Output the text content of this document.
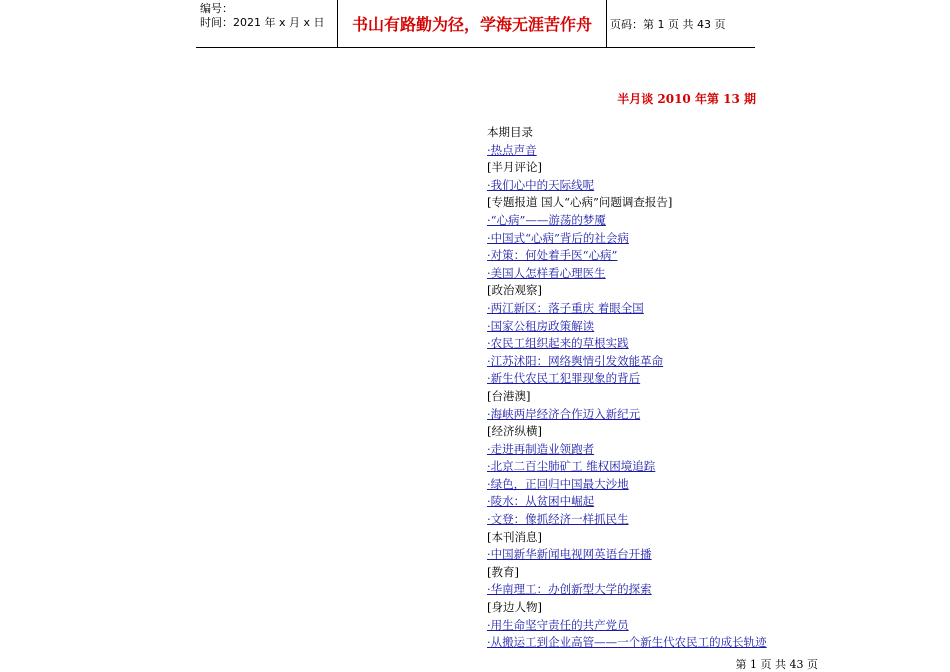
编号：
时间：2021 年 x 月 x 日	书山有路勤为径，学海无涯苦作舟	页码：第 1 页 共 43 页
半月谈 2010 年第 13 期
本期目录
·热点声音
[半月评论]
·我们心中的天际线呢
[专题报道 国人“心病”问题调查报告]
·“心病”——游荡的梦魇
·中国式“心病”背后的社会病
·对策：何处着手医“心病”
·美国人怎样看心理医生
[政治观察]
·两江新区：落子重庆 着眼全国
·国家公租房政策解读
·农民工组织起来的草根实践
·江苏沭阳：网络舆情引发效能革命
·新生代农民工犯罪现象的背后
[台港澳]
·海峡两岸经济合作迈入新纪元
[经济纵横]
·走进再制造业领跑者
·北京二百尘肺矿工 维权困境追踪
·绿色，正回归中国最大沙地
·陵水：从贫困中崛起
·文登：像抓经济一样抓民生
[本刊消息]
·中国新华新闻电视网英语台开播
[教育]
·华南理工：办创新型大学的探索
[身边人物]
·用生命坚守责任的共产党员
·从搬运工到企业高管——一个新生代农民工的成长轨迹
第 1 页 共 43 页
